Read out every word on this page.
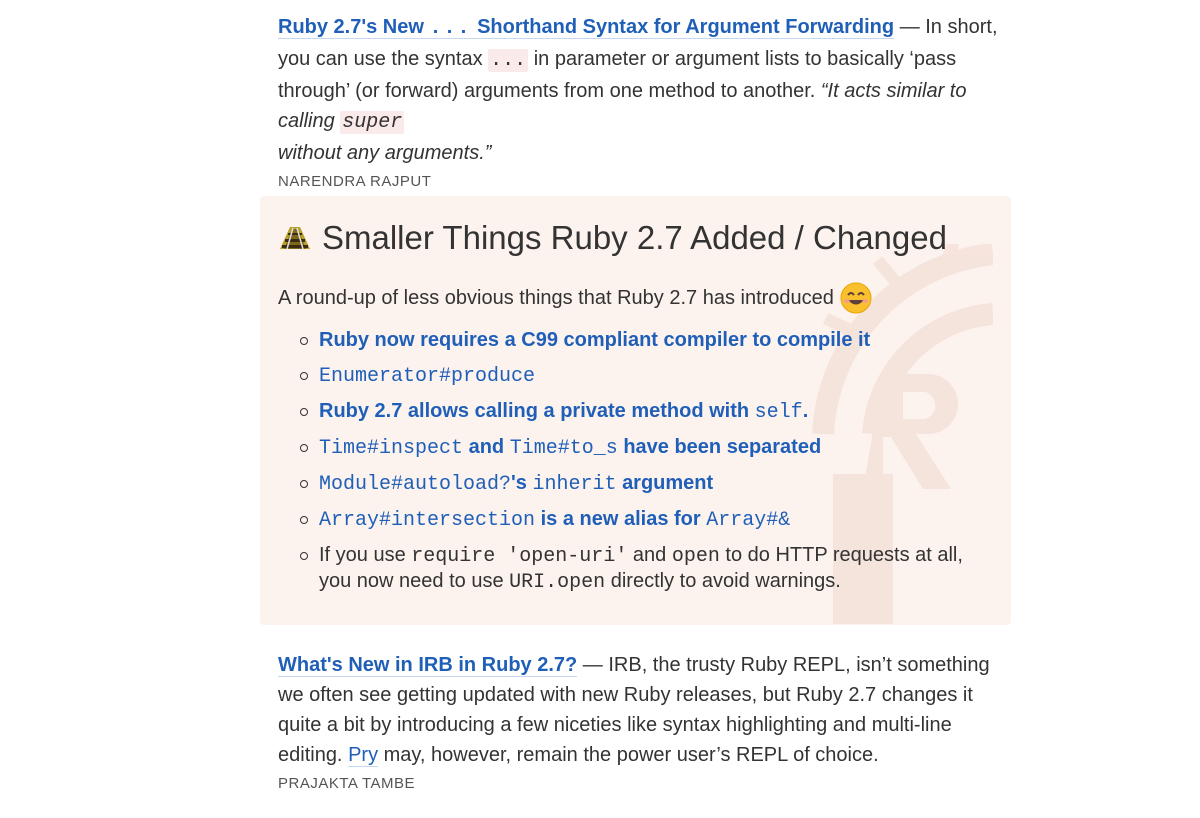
Ruby 2.7's New ... Shorthand Syntax for Argument Forwarding — In short, you can use the syntax ... in parameter or argument lists to basically ‘pass through’ (or forward) arguments from one method to another. “It acts similar to calling super
without any arguments.”

NARENDRA RAJPUT
Smaller Things Ruby 2.7 Added / Changed
A round-up of less obvious things that Ruby 2.7 has introduced
Ruby now requires a C99 compliant compiler to compile it
Enumerator#produce
Ruby 2.7 allows calling a private method with self.
Time#inspect and Time#to_s have been separated
Module#autoload?'s inherit argument
Array#intersection is a new alias for Array#&
If you use require 'open-uri' and open to do HTTP requests at all, you now need to use URI.open directly to avoid warnings.

What's New in IRB in Ruby 2.7? — IRB, the trusty Ruby REPL, isn’t something we often see getting updated with new Ruby releases, but Ruby 2.7 changes it quite a bit by introducing a few niceties like syntax highlighting and multi-line editing. Pry may, however, remain the power user’s REPL of choice.

PRAJAKTA TAMBE
